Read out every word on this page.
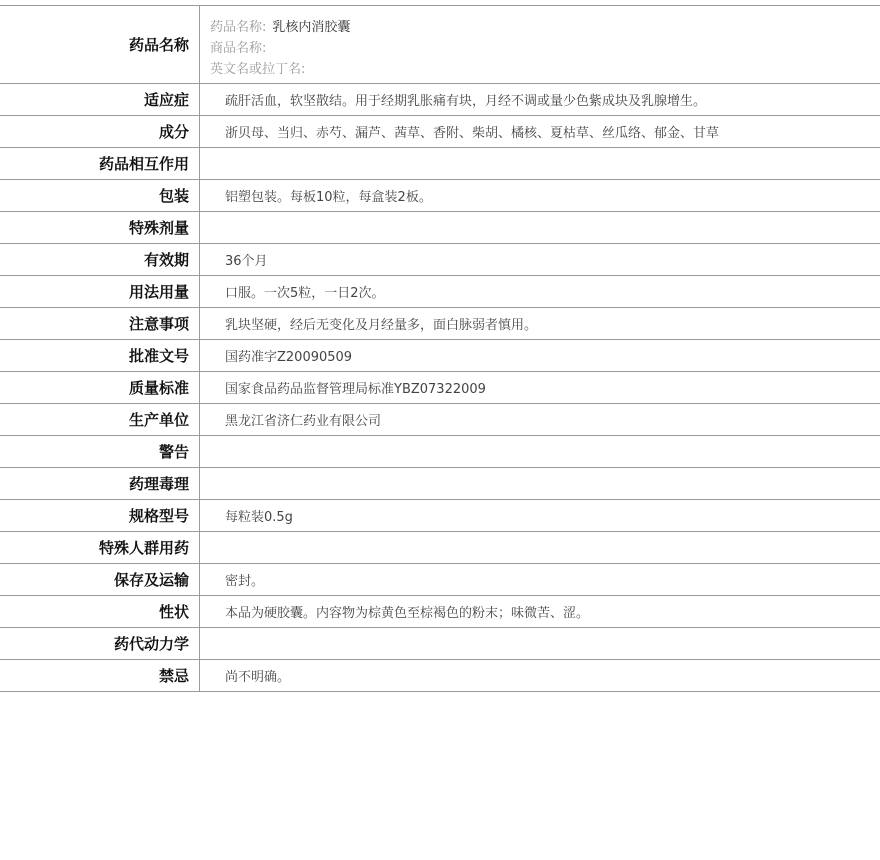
药品名称
药品名称: 乳核内消胶囊
商品名称:
英文名或拉丁名:
适应症	疏肝活血，软坚散结。用于经期乳胀痛有块，月经不调或量少色紫成块及乳腺增生。
成分	浙贝母、当归、赤芍、漏芦、茜草、香附、柴胡、橘核、夏枯草、丝瓜络、郁金、甘草
药品相互作用
包装	铝塑包装。每板10粒，每盒装2板。
特殊剂量
有效期	36个月
用法用量	口服。一次5粒，一日2次。
注意事项	乳块坚硬，经后无变化及月经量多，面白脉弱者慎用。
批准文号	国药准字Z20090509
质量标准	国家食品药品监督管理局标准YBZ07322009
生产单位	黑龙江省济仁药业有限公司
警告
药理毒理
规格型号	每粒装0.5g
特殊人群用药
保存及运输	密封。
性状	本品为硬胶囊。内容物为棕黄色至棕褐色的粉末；味微苦、涩。
药代动力学
禁忌	尚不明确。
